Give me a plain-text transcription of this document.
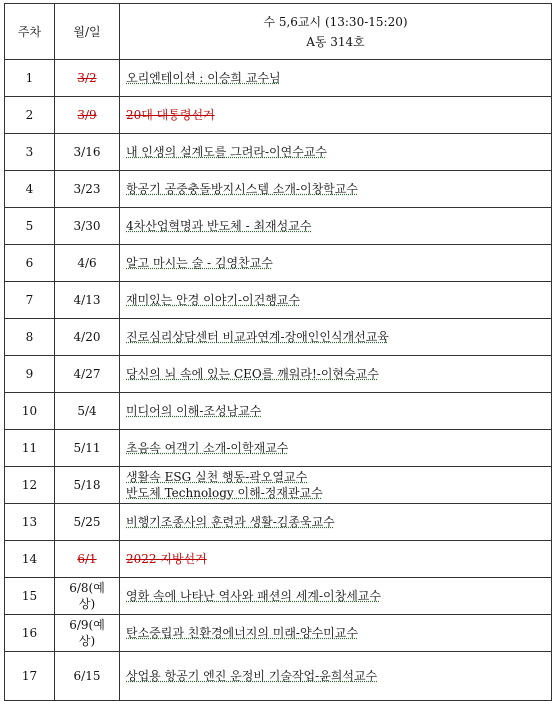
주차	월/일	수 5,6교시 (13:30-15:20)
A동 314호

1	3/2	오리엔테이션 : 이승희 교수님

2	3/9	20대 대통령선거

3	3/16	내 인생의 설계도를 그려라-이연수교수

4	3/23	항공기 공중충돌방지시스템 소개-이창학교수

5	3/30	4차산업혁명과 반도체 - 최재성교수

6	4/6	알고 마시는 술 - 김영찬교수

7	4/13	재미있는 안경 이야기-이건행교수

8	4/20	진로심리상담센터 비교과연계-장애인인식개선교육

9	4/27	당신의 뇌 속에 있는 CEO를 깨워라!-이현숙교수

10	5/4	미디어의 이해-조성남교수

11	5/11	초음속 여객기 소개-이학재교수

12	5/18	생활속 ESG 실천 행동-곽오열교수
반도체 Technology 이해-정재관교수

13	5/25	비행기조종사의 훈련과 생활-김종욱교수

14	6/1	2022 지방선거

15	6/8(예상)	영화 속에 나타난 역사와 패션의 세계-이창세교수

16	6/9(예상)	탄소중립과 친환경에너지의 미래-양수미교수

17	6/15	상업용 항공기 엔진 운정비 기술작업-윤희석교수
